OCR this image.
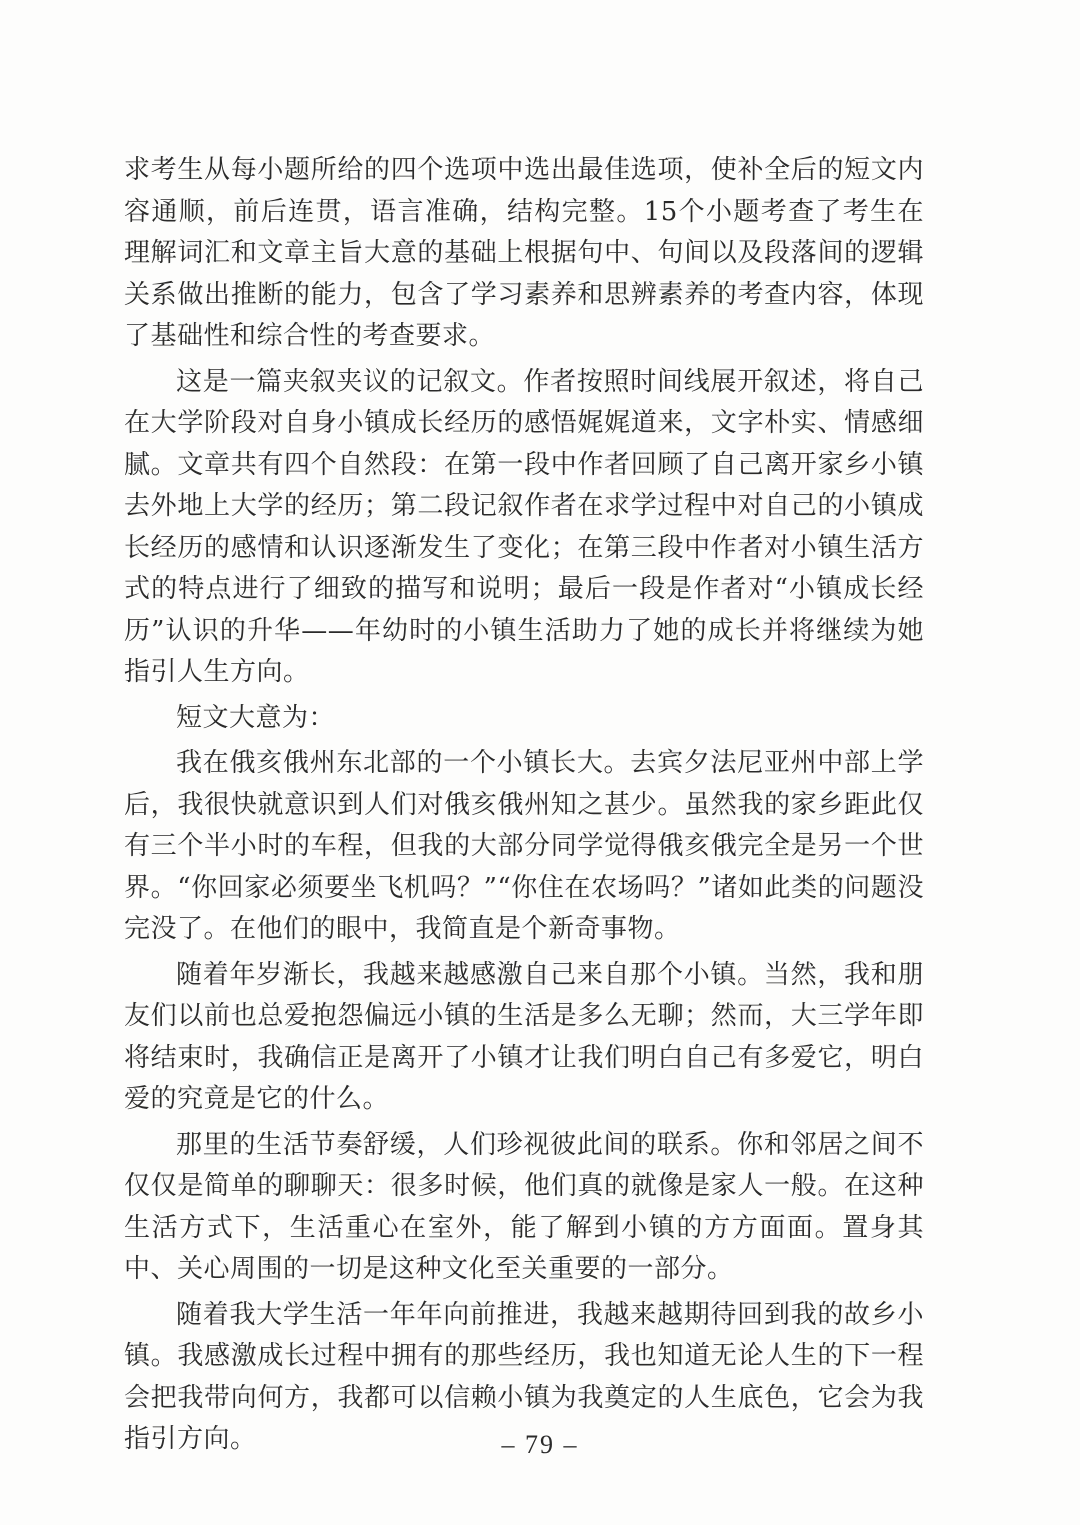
求考生从每小题所给的四个选项中选出最佳选项，使补全后的短文内容通顺，前后连贯，语言准确，结构完整。15个小题考查了考生在理解词汇和文章主旨大意的基础上根据句中、句间以及段落间的逻辑关系做出推断的能力，包含了学习素养和思辨素养的考查内容，体现了基础性和综合性的考查要求。

这是一篇夹叙夹议的记叙文。作者按照时间线展开叙述，将自己在大学阶段对自身小镇成长经历的感悟娓娓道来，文字朴实、情感细腻。文章共有四个自然段：在第一段中作者回顾了自己离开家乡小镇去外地上大学的经历；第二段记叙作者在求学过程中对自己的小镇成长经历的感情和认识逐渐发生了变化；在第三段中作者对小镇生活方式的特点进行了细致的描写和说明；最后一段是作者对“小镇成长经历”认识的升华——年幼时的小镇生活助力了她的成长并将继续为她指引人生方向。

短文大意为：

我在俄亥俄州东北部的一个小镇长大。去宾夕法尼亚州中部上学后，我很快就意识到人们对俄亥俄州知之甚少。虽然我的家乡距此仅有三个半小时的车程，但我的大部分同学觉得俄亥俄完全是另一个世界。“你回家必须要坐飞机吗？”“你住在农场吗？”诸如此类的问题没完没了。在他们的眼中，我简直是个新奇事物。

随着年岁渐长，我越来越感激自己来自那个小镇。当然，我和朋友们以前也总爱抱怨偏远小镇的生活是多么无聊；然而，大三学年即将结束时，我确信正是离开了小镇才让我们明白自己有多爱它，明白爱的究竟是它的什么。

那里的生活节奏舒缓，人们珍视彼此间的联系。你和邻居之间不仅仅是简单的聊聊天：很多时候，他们真的就像是家人一般。在这种生活方式下，生活重心在室外，能了解到小镇的方方面面。置身其中、关心周围的一切是这种文化至关重要的一部分。

随着我大学生活一年年向前推进，我越来越期待回到我的故乡小镇。我感激成长过程中拥有的那些经历，我也知道无论人生的下一程会把我带向何方，我都可以信赖小镇为我奠定的人生底色，它会为我指引方向。	– 79 –
